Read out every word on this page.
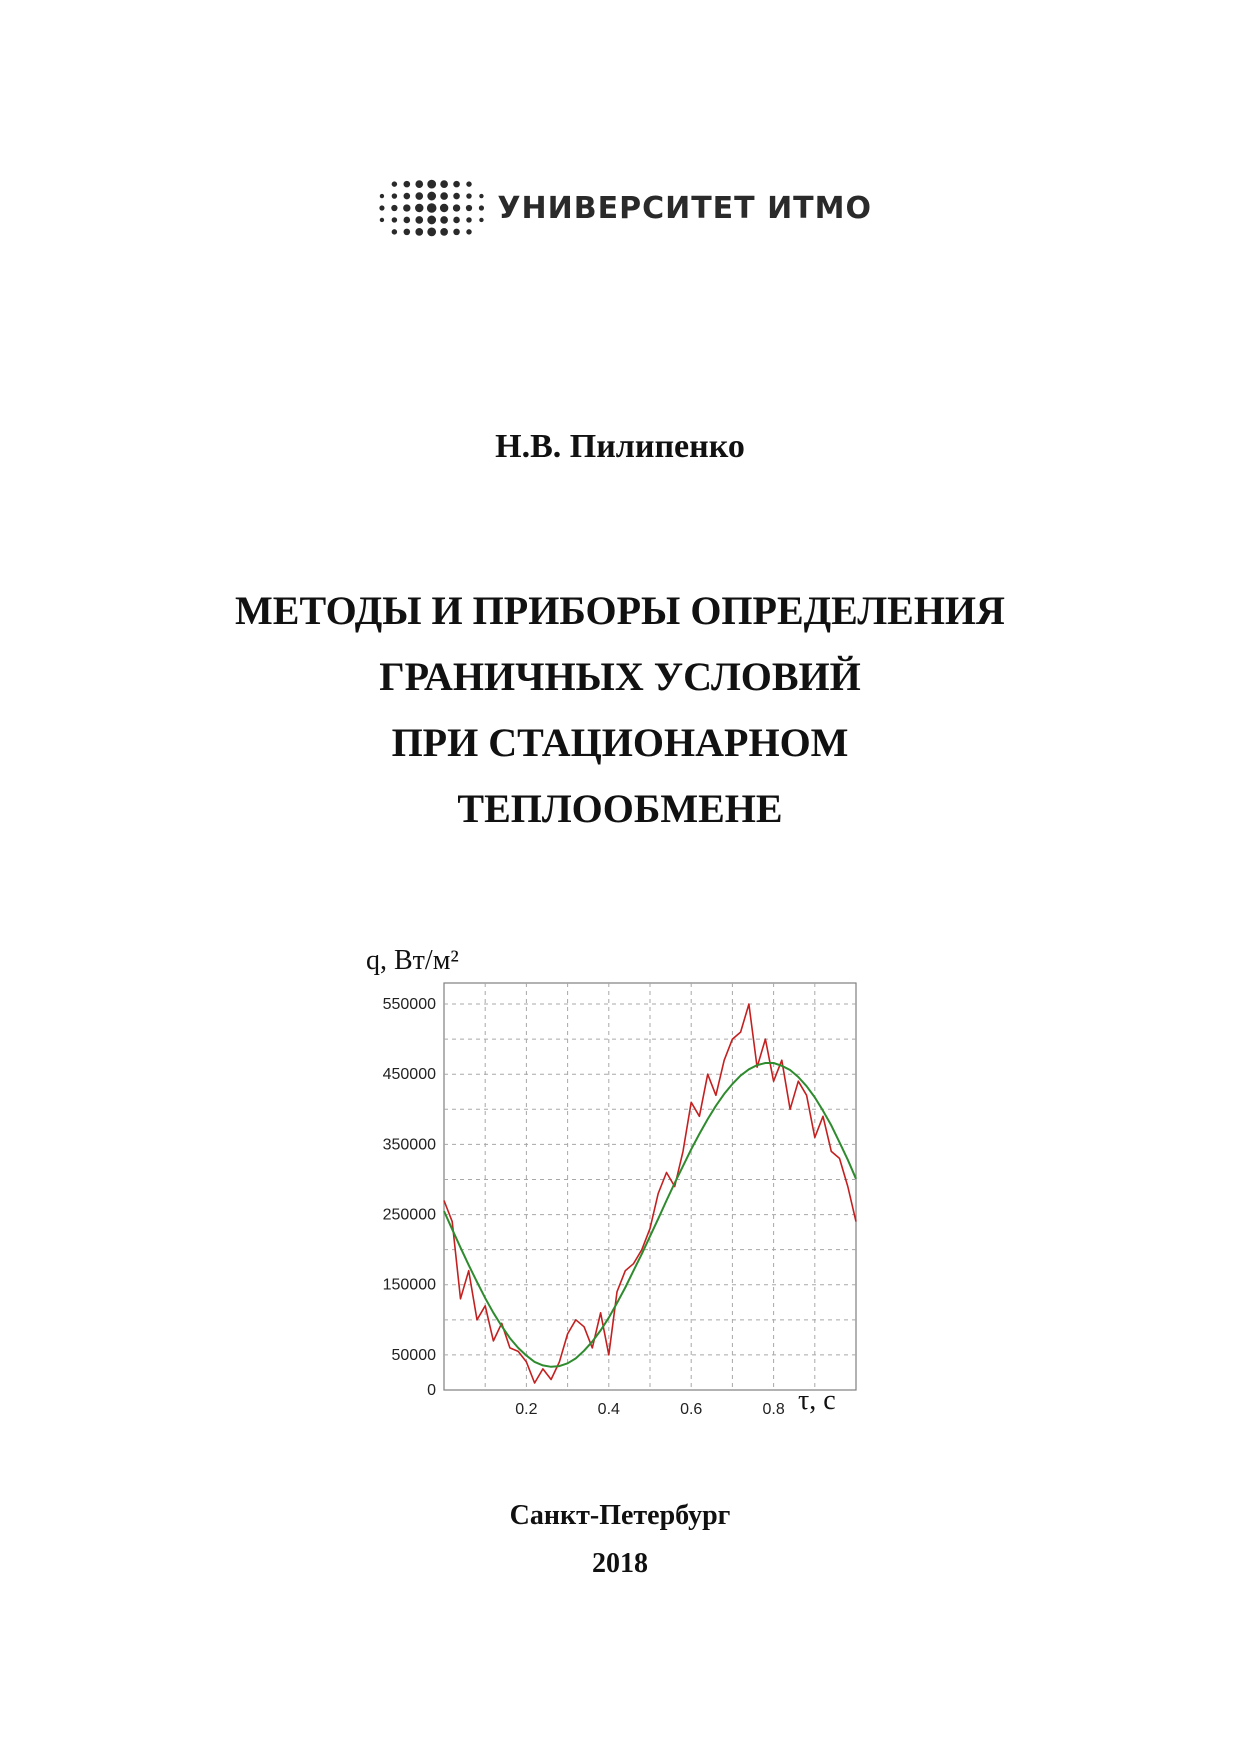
УНИВЕРСИТЕТ ИТМО
Н.В. Пилипенко
МЕТОДЫ И ПРИБОРЫ ОПРЕДЕЛЕНИЯ
ГРАНИЧНЫХ УСЛОВИЙ
ПРИ СТАЦИОНАРНОМ
ТЕПЛООБМЕНЕ
q, Вт/м²
0
50000
150000
250000
350000
450000
550000
0.2	0.4	0.6	0.8 τ, с
Санкт-Петербург
2018
